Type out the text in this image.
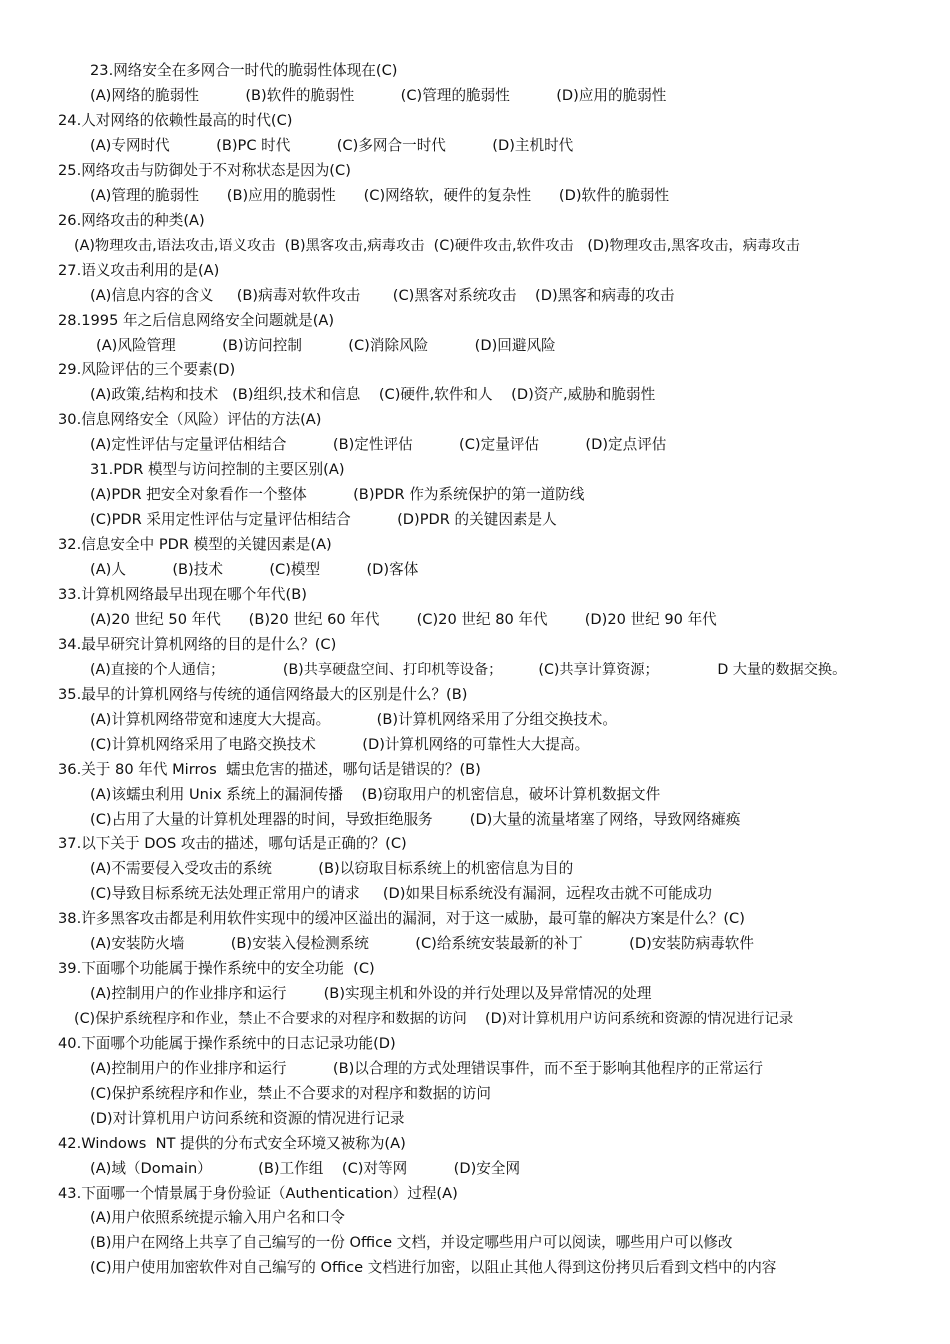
23.网络安全在多网合一时代的脆弱性体现在(C)
(A)网络的脆弱性          (B)软件的脆弱性          (C)管理的脆弱性          (D)应用的脆弱性
24.人对网络的依赖性最高的时代(C)
(A)专网时代          (B)PC 时代          (C)多网合一时代          (D)主机时代
25.网络攻击与防御处于不对称状态是因为(C)
(A)管理的脆弱性      (B)应用的脆弱性      (C)网络软，硬件的复杂性      (D)软件的脆弱性
26.网络攻击的种类(A)
(A)物理攻击,语法攻击,语义攻击  (B)黑客攻击,病毒攻击  (C)硬件攻击,软件攻击   (D)物理攻击,黑客攻击，病毒攻击
27.语义攻击利用的是(A)
(A)信息内容的含义     (B)病毒对软件攻击       (C)黑客对系统攻击    (D)黑客和病毒的攻击
28.1995 年之后信息网络安全问题就是(A)
(A)风险管理          (B)访问控制          (C)消除风险          (D)回避风险
29.风险评估的三个要素(D)
(A)政策,结构和技术   (B)组织,技术和信息    (C)硬件,软件和人    (D)资产,威胁和脆弱性
30.信息网络安全（风险）评估的方法(A)
(A)定性评估与定量评估相结合          (B)定性评估          (C)定量评估          (D)定点评估
31.PDR 模型与访问控制的主要区别(A)
(A)PDR 把安全对象看作一个整体          (B)PDR 作为系统保护的第一道防线
(C)PDR 采用定性评估与定量评估相结合          (D)PDR 的关键因素是人
32.信息安全中 PDR 模型的关键因素是(A)
(A)人          (B)技术          (C)模型          (D)客体
33.计算机网络最早出现在哪个年代(B)
(A)20 世纪 50 年代      (B)20 世纪 60 年代        (C)20 世纪 80 年代        (D)20 世纪 90 年代
34.最早研究计算机网络的目的是什么？(C)
(A)直接的个人通信；             (B)共享硬盘空间、打印机等设备；        (C)共享计算资源；             D 大量的数据交换。
35.最早的计算机网络与传统的通信网络最大的区别是什么？(B)
(A)计算机网络带宽和速度大大提高。          (B)计算机网络采用了分组交换技术。
(C)计算机网络采用了电路交换技术          (D)计算机网络的可靠性大大提高。
36.关于 80 年代 Mirros  蠕虫危害的描述，哪句话是错误的？(B)
(A)该蠕虫利用 Unix 系统上的漏洞传播    (B)窃取用户的机密信息，破坏计算机数据文件
(C)占用了大量的计算机处理器的时间，导致拒绝服务        (D)大量的流量堵塞了网络，导致网络瘫痪
37.以下关于 DOS 攻击的描述，哪句话是正确的？(C)
(A)不需要侵入受攻击的系统          (B)以窃取目标系统上的机密信息为目的
(C)导致目标系统无法处理正常用户的请求     (D)如果目标系统没有漏洞，远程攻击就不可能成功
38.许多黑客攻击都是利用软件实现中的缓冲区溢出的漏洞，对于这一威胁，最可靠的解决方案是什么？(C)
(A)安装防火墙          (B)安装入侵检测系统          (C)给系统安装最新的补丁          (D)安装防病毒软件
39.下面哪个功能属于操作系统中的安全功能  (C)
(A)控制用户的作业排序和运行        (B)实现主机和外设的并行处理以及异常情况的处理
(C)保护系统程序和作业，禁止不合要求的对程序和数据的访问    (D)对计算机用户访问系统和资源的情况进行记录
40.下面哪个功能属于操作系统中的日志记录功能(D)
(A)控制用户的作业排序和运行          (B)以合理的方式处理错误事件，而不至于影响其他程序的正常运行
(C)保护系统程序和作业，禁止不合要求的对程序和数据的访问
(D)对计算机用户访问系统和资源的情况进行记录
42.Windows  NT 提供的分布式安全环境又被称为(A)
(A)域（Domain）          (B)工作组    (C)对等网          (D)安全网
43.下面哪一个情景属于身份验证（Authentication）过程(A)
(A)用户依照系统提示输入用户名和口令
(B)用户在网络上共享了自己编写的一份 Office 文档，并设定哪些用户可以阅读，哪些用户可以修改
(C)用户使用加密软件对自己编写的 Office 文档进行加密，以阻止其他人得到这份拷贝后看到文档中的内容
